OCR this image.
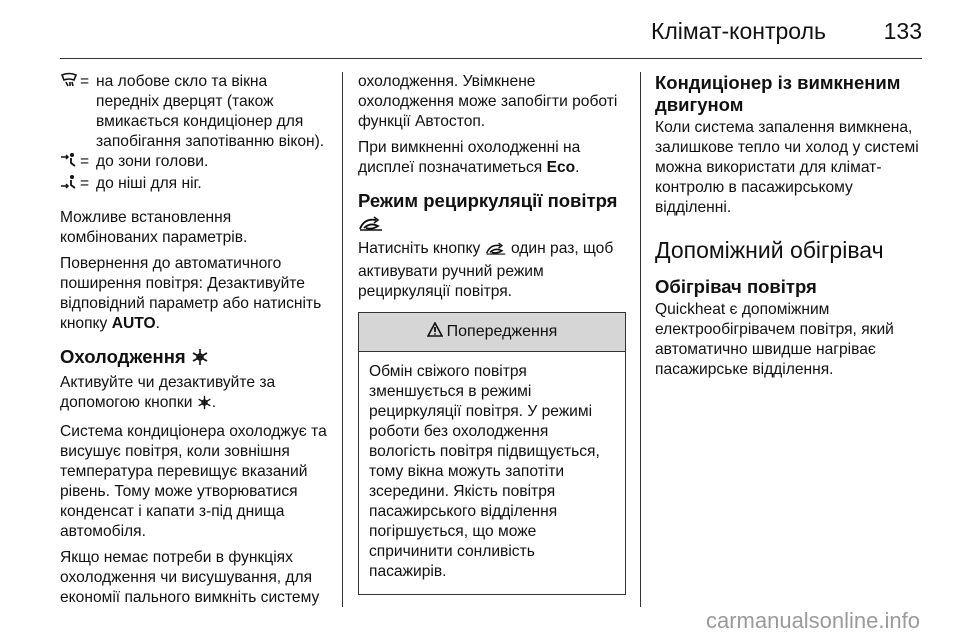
Клімат-контроль	133
= на лобове скло та вікна передніх дверцят (також вмикається кондиціонер для запобігання запотіванню вікон).
= до зони голови.
= до ніші для ніг.

Можливе встановлення комбінованих параметрів.

Повернення до автоматичного поширення повітря: Дезактивуйте відповідний параметр або натисніть кнопку AUTO.

Охолодження

Активуйте чи дезактивуйте за допомогою кнопки .

Система кондиціонера охолоджує та висушує повітря, коли зовнішня температура перевищує вказаний рівень. Тому може утворюватися конденсат і капати з-під днища автомобіля.

Якщо немає потреби в функціях охолодження чи висушування, для економії пального вимкніть систему

охолодження. Увімкнене охолодження може запобігти роботі функції Автостоп.

При вимкненні охолодженні на дисплеї позначатиметься Eco.

Режим рециркуляції повітря

Натисніть кнопку один раз, щоб активувати ручний режим рециркуляції повітря.

Попередження
Обмін свіжого повітря зменшується в режимі рециркуляції повітря. У режимі роботи без охолодження вологість повітря підвищується, тому вікна можуть запотіти зсередини. Якість повітря пасажирського відділення погіршується, що може спричинити сонливість пасажирів.
Кондиціонер із вимкненим двигуном

Коли система запалення вимкнена, залишкове тепло чи холод у системі можна використати для клімат-контролю в пасажирському відділенні.

Допоміжний обігрівач
Обігрівач повітря

Quickheat є допоміжним електрообігрівачем повітря, який автоматично швидше нагріває пасажирське відділення.

carmanualsonline.info
